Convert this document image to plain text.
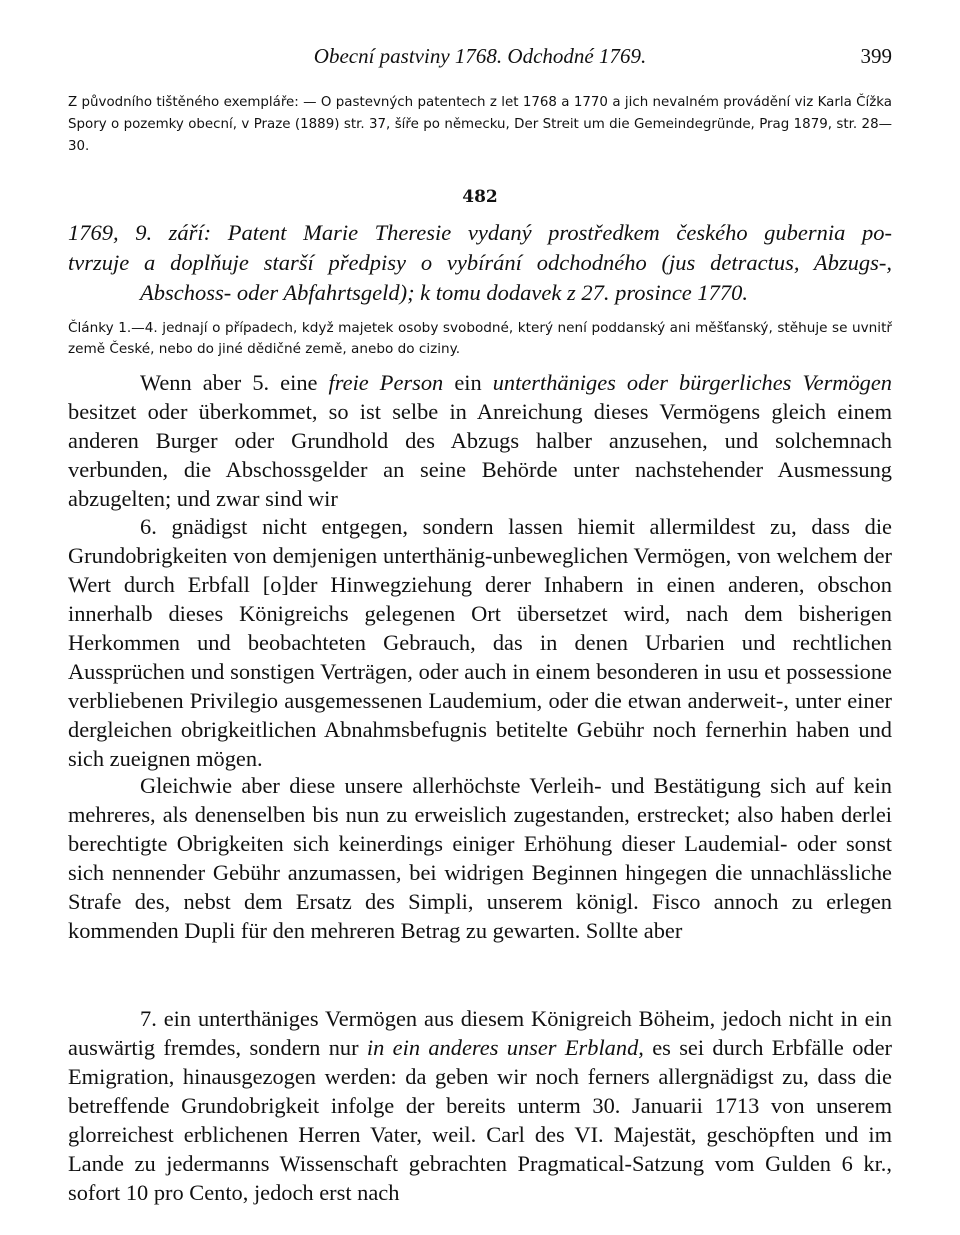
Obecní pastviny 1768. Odchodné 1769.	399
Z původního tištěného exempláře: — O pastevných patentech z let 1768 a 1770 a jich nevalném provádění viz Karla Čížka Spory o pozemky obecní, v Praze (1889) str. 37, šíře po německu, Der Streit um die Gemeindegründe, Prag 1879, str. 28—30.
482
1769, 9. září: Patent Marie Theresie vydaný prostředkem českého gubernia po-
tvrzuje a doplňuje starší předpisy o vybírání odchodného (jus detractus, Abzugs-,
Abschoss- oder Abfahrtsgeld); k tomu dodavek z 27. prosince 1770.
Články 1.—4. jednají o případech, když majetek osoby svobodné, který není poddanský ani měšťanský, stěhuje se uvnitř země České, nebo do jiné dědičné země, anebo do ciziny.

Wenn aber 5. eine freie Person ein unterthäniges oder bürgerliches Vermögen besitzet oder überkommet, so ist selbe in Anreichung dieses Vermögens gleich einem anderen Burger oder Grundhold des Abzugs halber anzusehen, und solchemnach verbunden, die Abschossgelder an seine Behörde unter nachstehender Ausmessung abzugelten; und zwar sind wir

6. gnädigst nicht entgegen, sondern lassen hiemit allermildest zu, dass die Grundobrigkeiten von demjenigen unterthänig-unbeweglichen Vermögen, von welchem der Wert durch Erbfall [o]der Hinwegziehung derer Inhabern in einen anderen, obschon innerhalb dieses Königreichs gelegenen Ort übersetzet wird, nach dem bisherigen Herkommen und beobachteten Gebrauch, das in denen Urbarien und rechtlichen Aussprüchen und sonstigen Verträgen, oder auch in einem besonderen in usu et possessione verbliebenen Privilegio ausgemessenen Laudemium, oder die etwan anderweit-, unter einer dergleichen obrigkeitlichen Abnahmsbefugnis betitelte Gebühr noch fernerhin haben und sich zueignen mögen.

Gleichwie aber diese unsere allerhöchste Verleih- und Bestätigung sich auf kein mehreres, als denenselben bis nun zu erweislich zugestanden, erstrecket; also haben derlei berechtigte Obrigkeiten sich keinerdings einiger Erhöhung dieser Laudemial- oder sonst sich nennender Gebühr anzumassen, bei widrigen Beginnen hingegen die unnachlässliche Strafe des, nebst dem Ersatz des Simpli, unserem königl. Fisco annoch zu erlegen kommenden Dupli für den mehreren Betrag zu gewarten. Sollte aber

7. ein unterthäniges Vermögen aus diesem Königreich Böheim, jedoch nicht in ein auswärtig fremdes, sondern nur in ein anderes unser Erbland, es sei durch Erbfälle oder Emigration, hinausgezogen werden: da geben wir noch ferners allergnädigst zu, dass die betreffende Grundobrigkeit infolge der bereits unterm 30. Januarii 1713 von unserem glorreichest erblichenen Herren Vater, weil. Carl des VI. Majestät, geschöpften und im Lande zu jedermanns Wissenschaft gebrachten Pragmatical-Satzung vom Gulden 6 kr., sofort 10 pro Cento, jedoch erst nach
